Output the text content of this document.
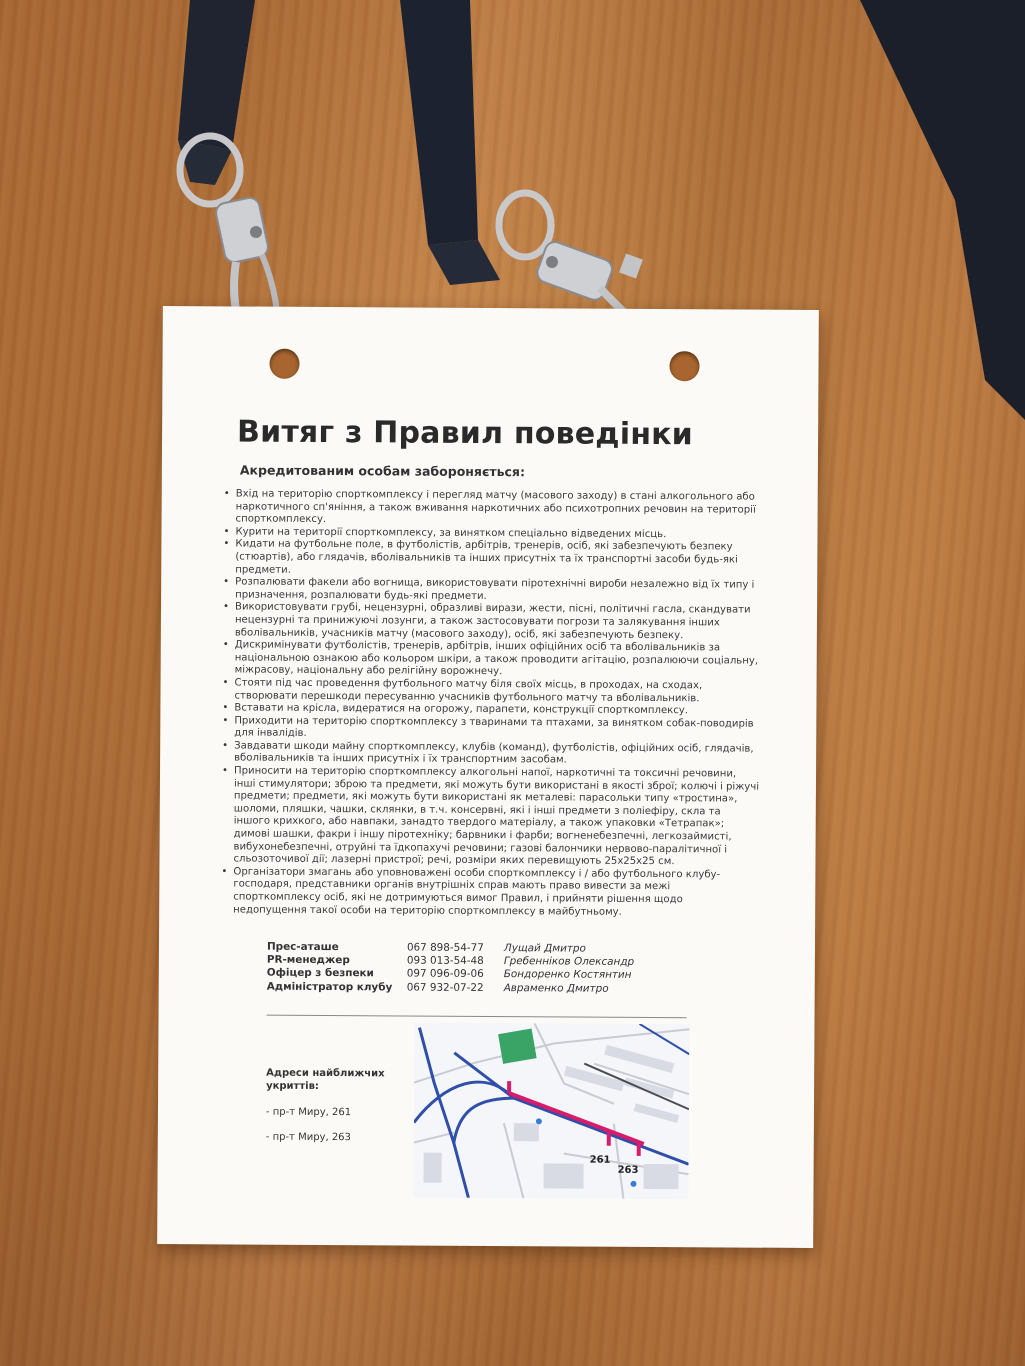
Витяг з Правил поведінки
Акредитованим особам забороняється:
• Вхід на територію спорткомплексу і перегляд матчу (масового заходу) в стані алкогольного або наркотичного сп'яніння, а також вживання наркотичних або психотропних речовин на території спорткомплексу.
• Курити на території спорткомплексу, за винятком спеціально відведених місць.
• Кидати на футбольне поле, в футболістів, арбітрів, тренерів, осіб, які забезпечують безпеку (стюартів), або глядачів, вболівальників та інших присутніх та їх транспортні засоби будь-які предмети.
• Розпалювати факели або вогнища, використовувати піротехнічні вироби незалежно від їх типу і призначення, розпалювати будь-які предмети.
• Використовувати грубі, нецензурні, образливі вирази, жести, пісні, політичні гасла, скандувати нецензурні та принижуючі лозунги, а також застосовувати погрози та залякування інших вболівальників, учасників матчу (масового заходу), осіб, які забезпечують безпеку.
• Дискримінувати футболістів, тренерів, арбітрів, інших офіційних осіб та вболівальників за національною ознакою або кольором шкіри, а також проводити агітацію, розпалюючи соціальну, міжрасову, національну або релігійну ворожнечу.
• Стояти під час проведення футбольного матчу біля своїх місць, в проходах, на сходах, створювати перешкоди пересуванню учасників футбольного матчу та вболівальників.
• Вставати на крісла, видератися на огорожу, парапети, конструкції спорткомплексу.
• Приходити на територію спорткомплексу з тваринами та птахами, за винятком собак-поводирів для інвалідів.
• Завдавати шкоди майну спорткомплексу, клубів (команд), футболістів, офіційних осіб, глядачів, вболівальників та інших присутніх і їх транспортним засобам.
• Приносити на територію спорткомплексу алкогольні напої, наркотичні та токсичні речовини, інші стимулятори; зброю та предмети, які можуть бути використані в якості зброї; колючі і ріжучі предмети; предмети, які можуть бути використані як металеві: парасольки типу «тростина», шоломи, пляшки, чашки, склянки, в т.ч. консервні, які і інші предмети з поліефіру, скла та іншого крихкого, або навпаки, занадто твердого матеріалу, а також упаковки «Тетрапак»; димові шашки, факри і іншу піротехніку; барвники і фарби; вогненебезпечні, легкозаймисті, вибухонебезпечні, отруйні та їдкопахучі речовини; газові балончики нервово-паралітичної і сльозоточивої дії; лазерні пристрої; речі, розміри яких перевищують 25х25х25 см.
• Організатори змагань або уповноважені особи спорткомплексу і / або футбольного клубу-господаря, представники органів внутрішніх справ мають право вивести за межі спорткомплексу осіб, які не дотримуються вимог Правил, і прийняти рішення щодо недопущення такої особи на територію спорткомплексу в майбутньому.
Прес-аташе	067 898-54-77	Лущай Дмитро
PR-менеджер	093 013-54-48	Гребенніков Олександр
Офіцер з безпеки	097 096-09-06	Бондоренко Костянтин
Адміністратор клубу	067 932-07-22	Авраменко Дмитро
Адреси найближчих укриттів:
- пр-т Миру, 261
- пр-т Миру, 263
261
263
